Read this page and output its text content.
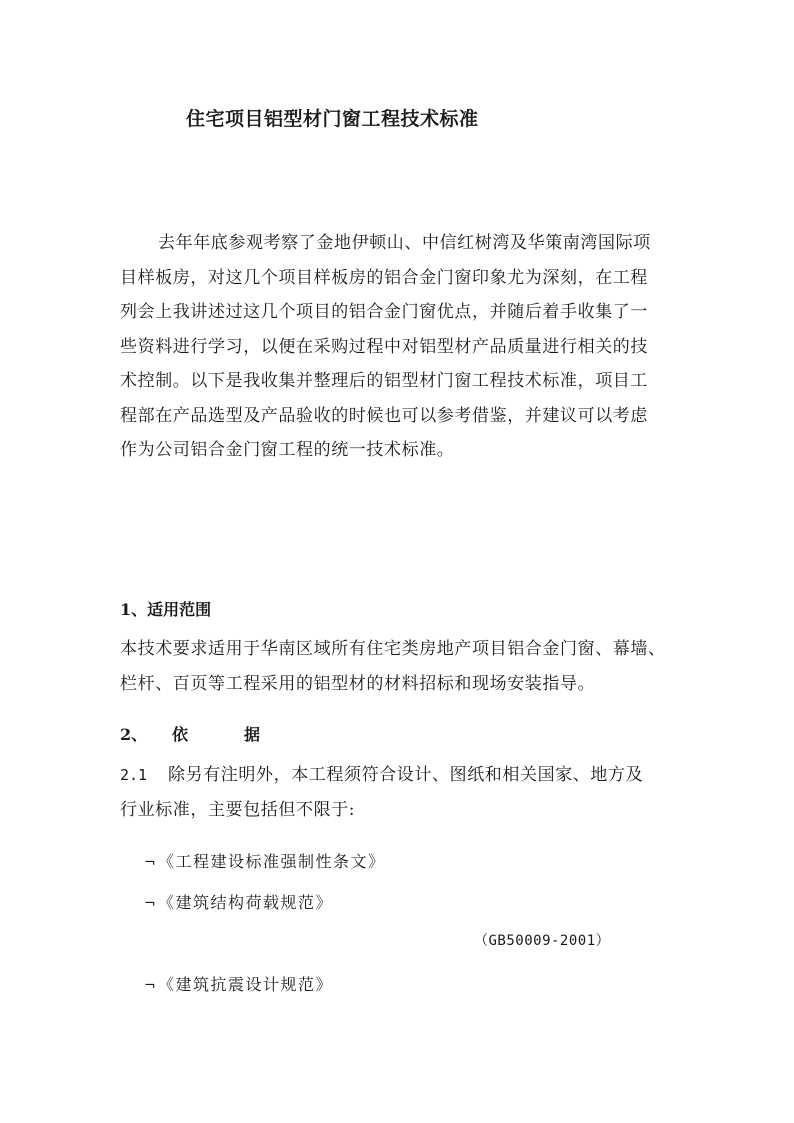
住宅项目铝型材门窗工程技术标准
去年年底参观考察了金地伊顿山、中信红树湾及华策南湾国际项
目样板房，对这几个项目样板房的铝合金门窗印象尤为深刻，在工程
列会上我讲述过这几个项目的铝合金门窗优点，并随后着手收集了一
些资料进行学习，以便在采购过程中对铝型材产品质量进行相关的技
术控制。以下是我收集并整理后的铝型材门窗工程技术标准，项目工
程部在产品选型及产品验收的时候也可以参考借鉴，并建议可以考虑
作为公司铝合金门窗工程的统一技术标准。
1、适用范围
本技术要求适用于华南区域所有住宅类房地产项目铝合金门窗、幕墙、
栏杆、百页等工程采用的铝型材的材料招标和现场安装指导。
2、 依	据
2.1 除另有注明外，本工程须符合设计、图纸和相关国家、地方及
行业标准，主要包括但不限于:
¬ 《工程建设标准强制性条文》
¬ 《建筑结构荷载规范》
（GB50009-2001）
¬ 《建筑抗震设计规范》
